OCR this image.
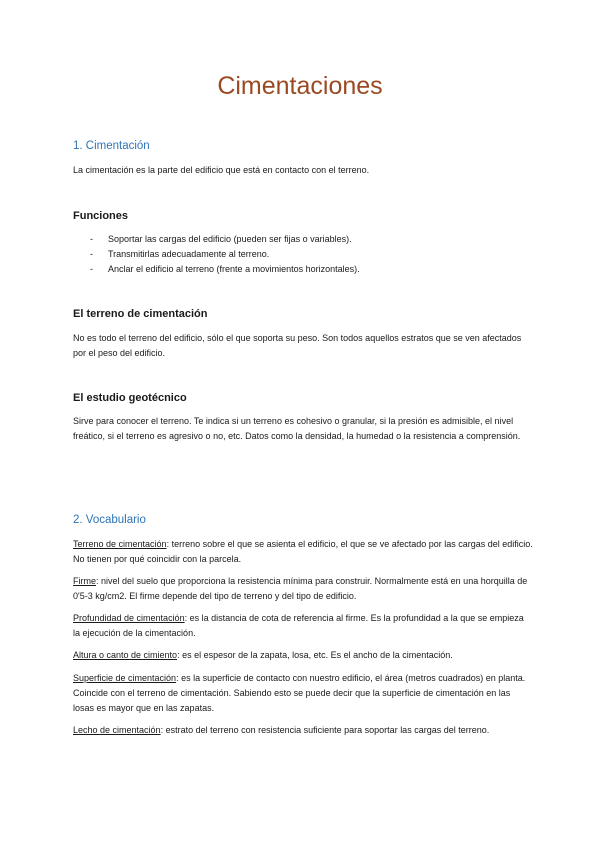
Cimentaciones
1. Cimentación

La cimentación es la parte del edificio que está en contacto con el terreno.

Funciones
- Soportar las cargas del edificio (pueden ser fijas o variables).
- Transmitirlas adecuadamente al terreno.
- Anclar el edificio al terreno (frente a movimientos horizontales).
El terreno de cimentación

No es todo el terreno del edificio, sólo el que soporta su peso. Son todos aquellos estratos que se ven afectados por el peso del edificio.

El estudio geotécnico

Sirve para conocer el terreno. Te indica si un terreno es cohesivo o granular, si la presión es admisible, el nivel freático, si el terreno es agresivo o no, etc. Datos como la densidad, la humedad o la resistencia a comprensión.

2. Vocabulario

Terreno de cimentación: terreno sobre el que se asienta el edificio, el que se ve afectado por las cargas del edificio. No tienen por qué coincidir con la parcela.

Firme: nivel del suelo que proporciona la resistencia mínima para construir. Normalmente está en una horquilla de 0'5-3 kg/cm2. El firme depende del tipo de terreno y del tipo de edificio.

Profundidad de cimentación: es la distancia de cota de referencia al firme. Es la profundidad a la que se empieza la ejecución de la cimentación.

Altura o canto de cimiento: es el espesor de la zapata, losa, etc. Es el ancho de la cimentación.

Superficie de cimentación: es la superficie de contacto con nuestro edificio, el área (metros cuadrados) en planta. Coincide con el terreno de cimentación. Sabiendo esto se puede decir que la superficie de cimentación en las losas es mayor que en las zapatas.

Lecho de cimentación: estrato del terreno con resistencia suficiente para soportar las cargas del terreno.
